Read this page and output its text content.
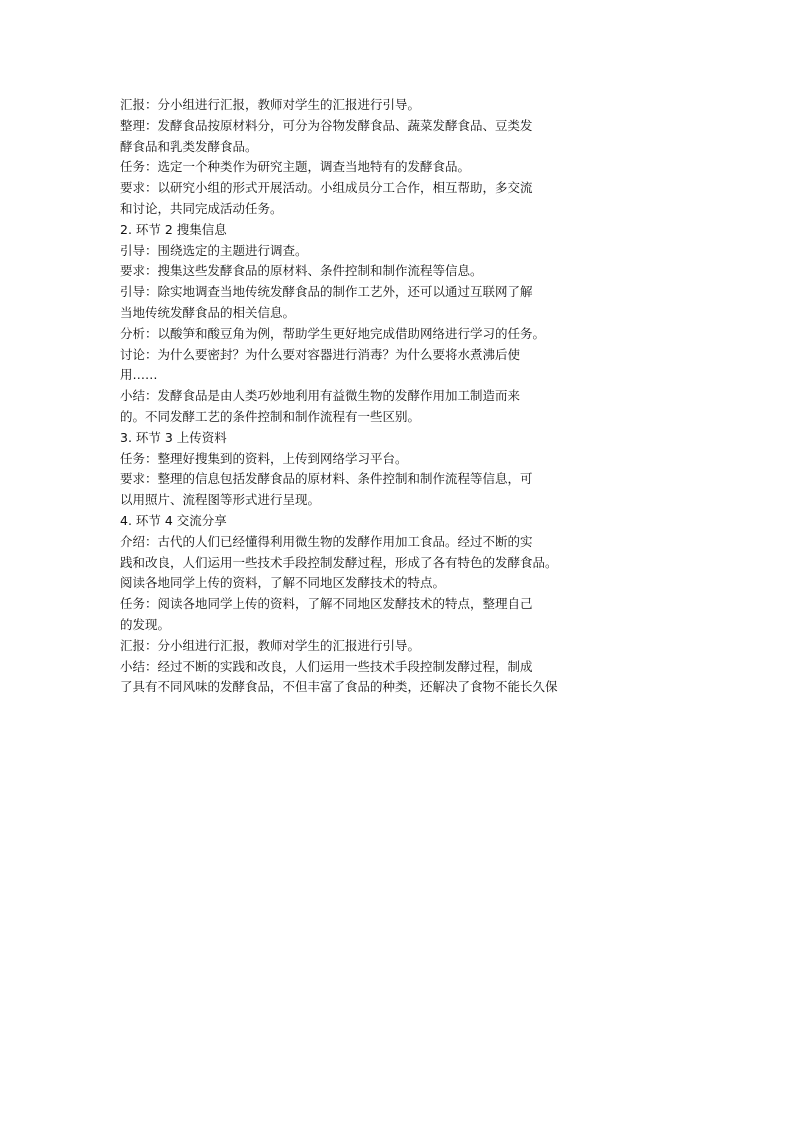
汇报：分小组进行汇报，教师对学生的汇报进行引导。
整理：发酵食品按原材料分，可分为谷物发酵食品、蔬菜发酵食品、豆类发
酵食品和乳类发酵食品。
任务：选定一个种类作为研究主题，调查当地特有的发酵食品。
要求：以研究小组的形式开展活动。小组成员分工合作，相互帮助，多交流
和讨论，共同完成活动任务。
2. 环节 2 搜集信息
引导：围绕选定的主题进行调查。
要求：搜集这些发酵食品的原材料、条件控制和制作流程等信息。
引导：除实地调查当地传统发酵食品的制作工艺外，还可以通过互联网了解
当地传统发酵食品的相关信息。
分析：以酸笋和酸豆角为例，帮助学生更好地完成借助网络进行学习的任务。
讨论：为什么要密封？为什么要对容器进行消毒？为什么要将水煮沸后使
用……
小结：发酵食品是由人类巧妙地利用有益微生物的发酵作用加工制造而来
的。不同发酵工艺的条件控制和制作流程有一些区别。
3. 环节 3 上传资料
任务：整理好搜集到的资料，上传到网络学习平台。
要求：整理的信息包括发酵食品的原材料、条件控制和制作流程等信息，可
以用照片、流程图等形式进行呈现。
4. 环节 4 交流分享
介绍：古代的人们已经懂得利用微生物的发酵作用加工食品。经过不断的实
践和改良，人们运用一些技术手段控制发酵过程，形成了各有特色的发酵食品。
阅读各地同学上传的资料，了解不同地区发酵技术的特点。
任务：阅读各地同学上传的资料，了解不同地区发酵技术的特点，整理自己
的发现。
汇报：分小组进行汇报，教师对学生的汇报进行引导。
小结：经过不断的实践和改良，人们运用一些技术手段控制发酵过程，制成
了具有不同风味的发酵食品，不但丰富了食品的种类，还解决了食物不能长久保
